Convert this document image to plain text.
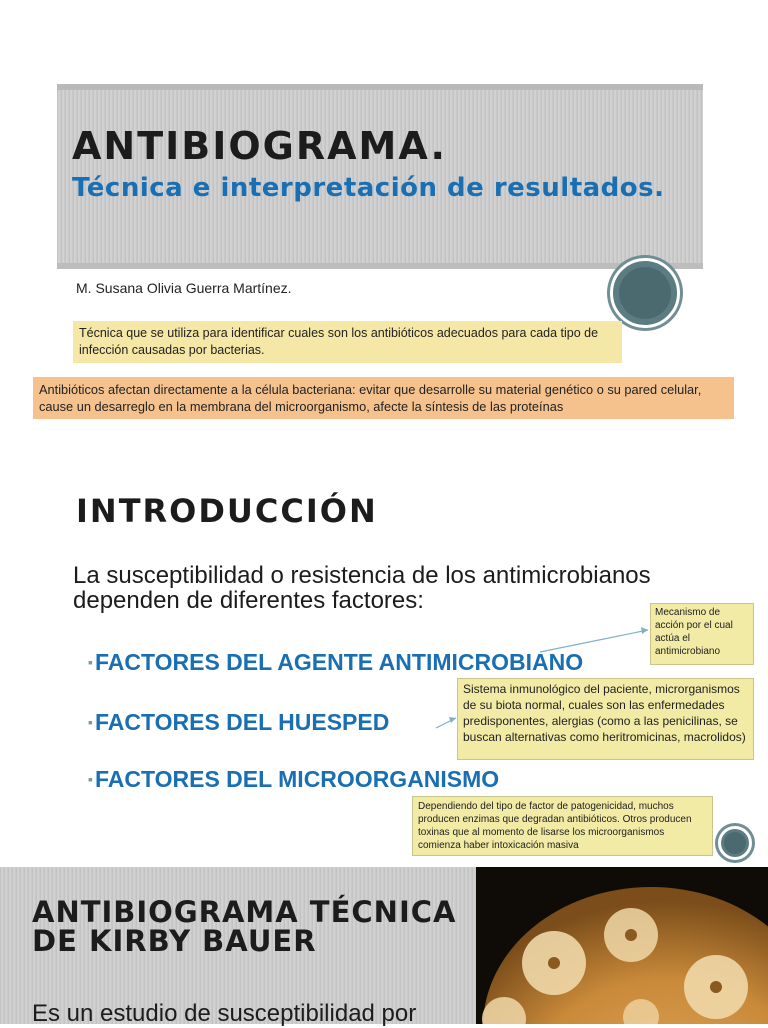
ANTIBIOGRAMA.
Técnica e interpretación de resultados.
M. Susana Olivia Guerra Martínez.
Técnica que se utiliza para identificar cuales son los antibióticos adecuados para cada tipo de infección causadas por bacterias.
Antibióticos afectan directamente a la célula bacteriana: evitar que desarrolle su material genético o su pared celular, cause un desarreglo en la membrana del microorganismo, afecte la síntesis de las proteínas
INTRODUCCIÓN
La susceptibilidad o resistencia de los antimicrobianos dependen de diferentes factores:
▪FACTORES DEL AGENTE ANTIMICROBIANO
▪FACTORES DEL HUESPED
▪FACTORES DEL MICROORGANISMO
Mecanismo de acción por el cual actúa el antimicrobiano
Sistema inmunológico del paciente, microrganismos de su biota normal, cuales son las enfermedades predisponentes, alergias (como a las penicilinas, se buscan alternativas como heritromicinas, macrolidos)
Dependiendo del tipo de factor de patogenicidad, muchos producen enzimas que degradan antibióticos. Otros producen toxinas que al momento de lisarse los microorganismos comienza haber intoxicación masiva
ANTIBIOGRAMA TÉCNICA DE KIRBY BAUER
Es un estudio de susceptibilidad por
